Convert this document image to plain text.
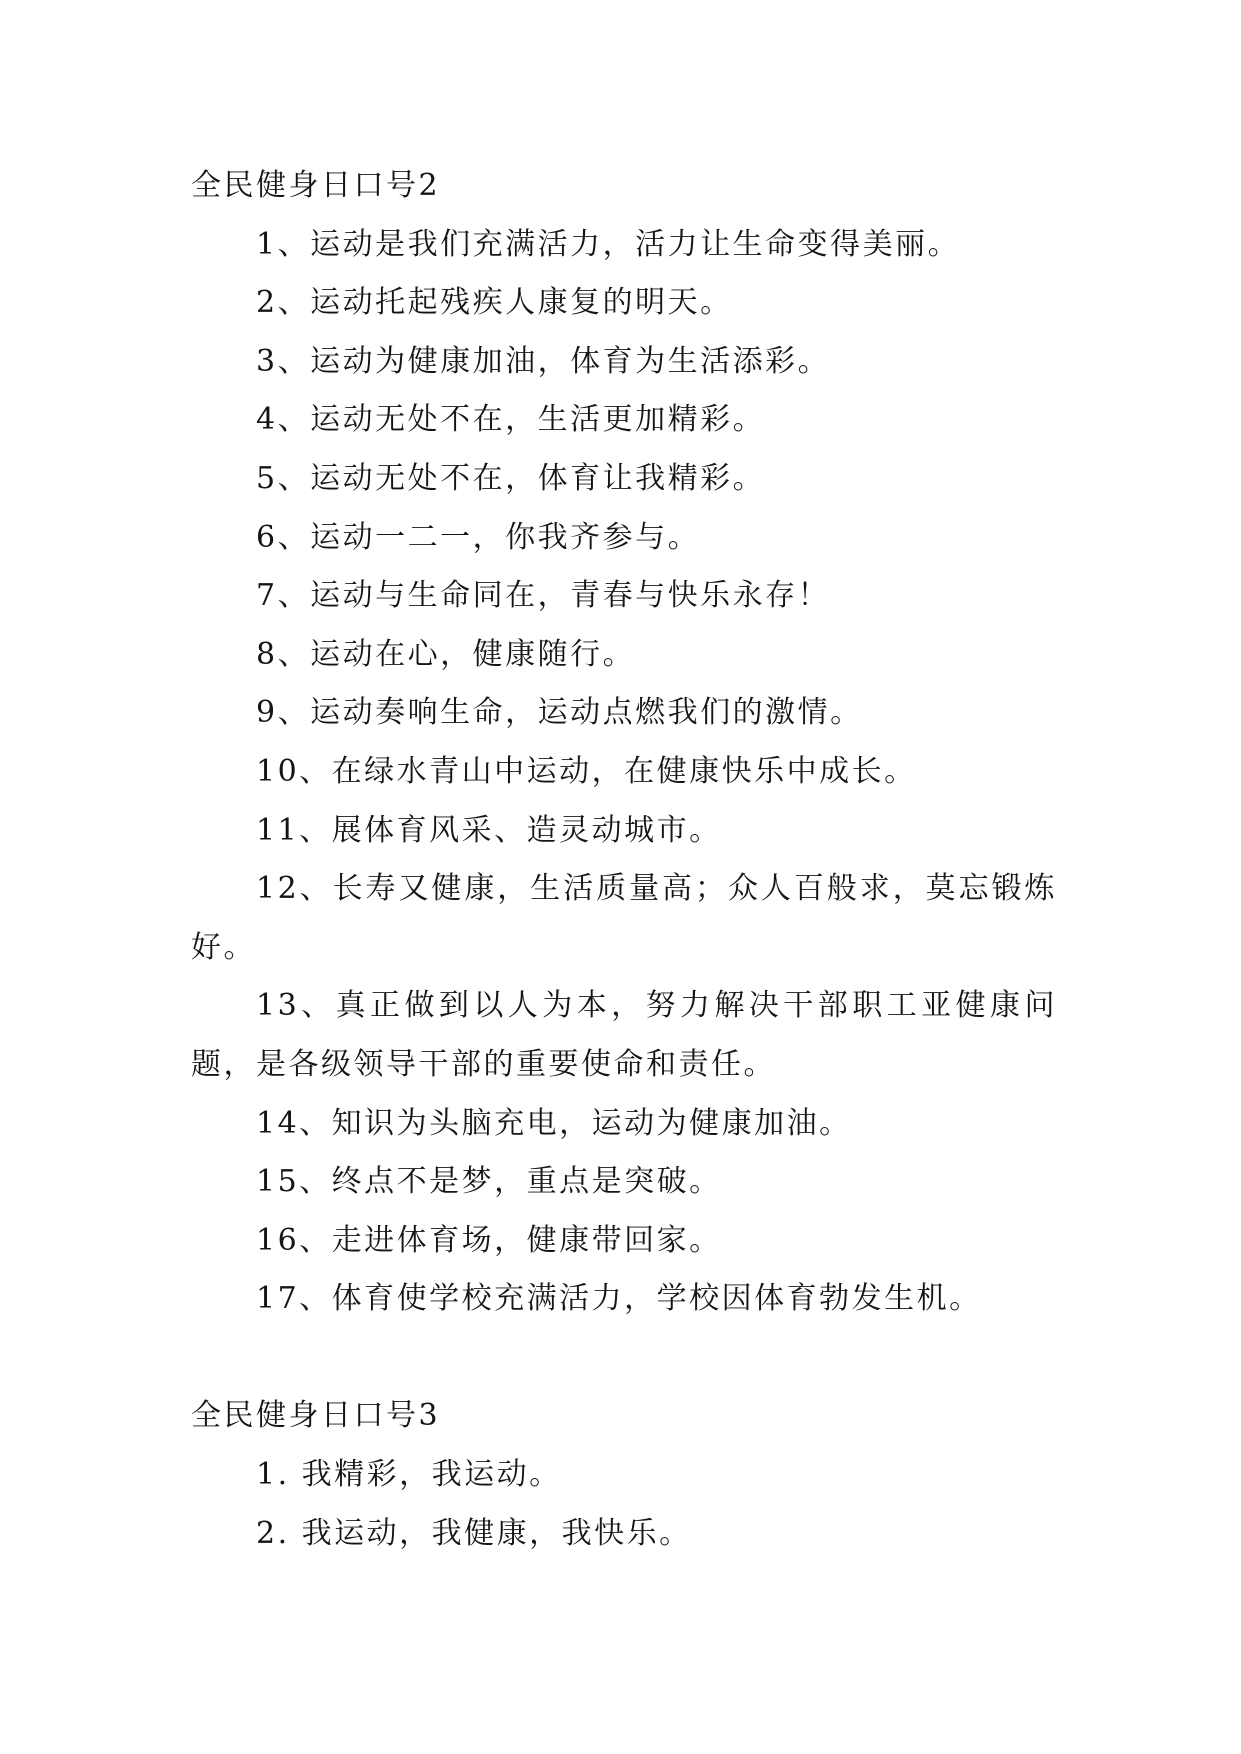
全民健身日口号2

1、运动是我们充满活力，活力让生命变得美丽。

2、运动托起残疾人康复的明天。

3、运动为健康加油，体育为生活添彩。

4、运动无处不在，生活更加精彩。

5、运动无处不在，体育让我精彩。

6、运动一二一，你我齐参与。

7、运动与生命同在，青春与快乐永存！

8、运动在心，健康随行。

9、运动奏响生命，运动点燃我们的激情。

10、在绿水青山中运动，在健康快乐中成长。

11、展体育风采、造灵动城市。

12、长寿又健康，生活质量高；众人百般求，莫忘锻炼好。

13、真正做到以人为本，努力解决干部职工亚健康问题，是各级领导干部的重要使命和责任。

14、知识为头脑充电，运动为健康加油。

15、终点不是梦，重点是突破。

16、走进体育场，健康带回家。

17、体育使学校充满活力，学校因体育勃发生机。

全民健身日口号3

1. 我精彩，我运动。

2. 我运动，我健康，我快乐。
